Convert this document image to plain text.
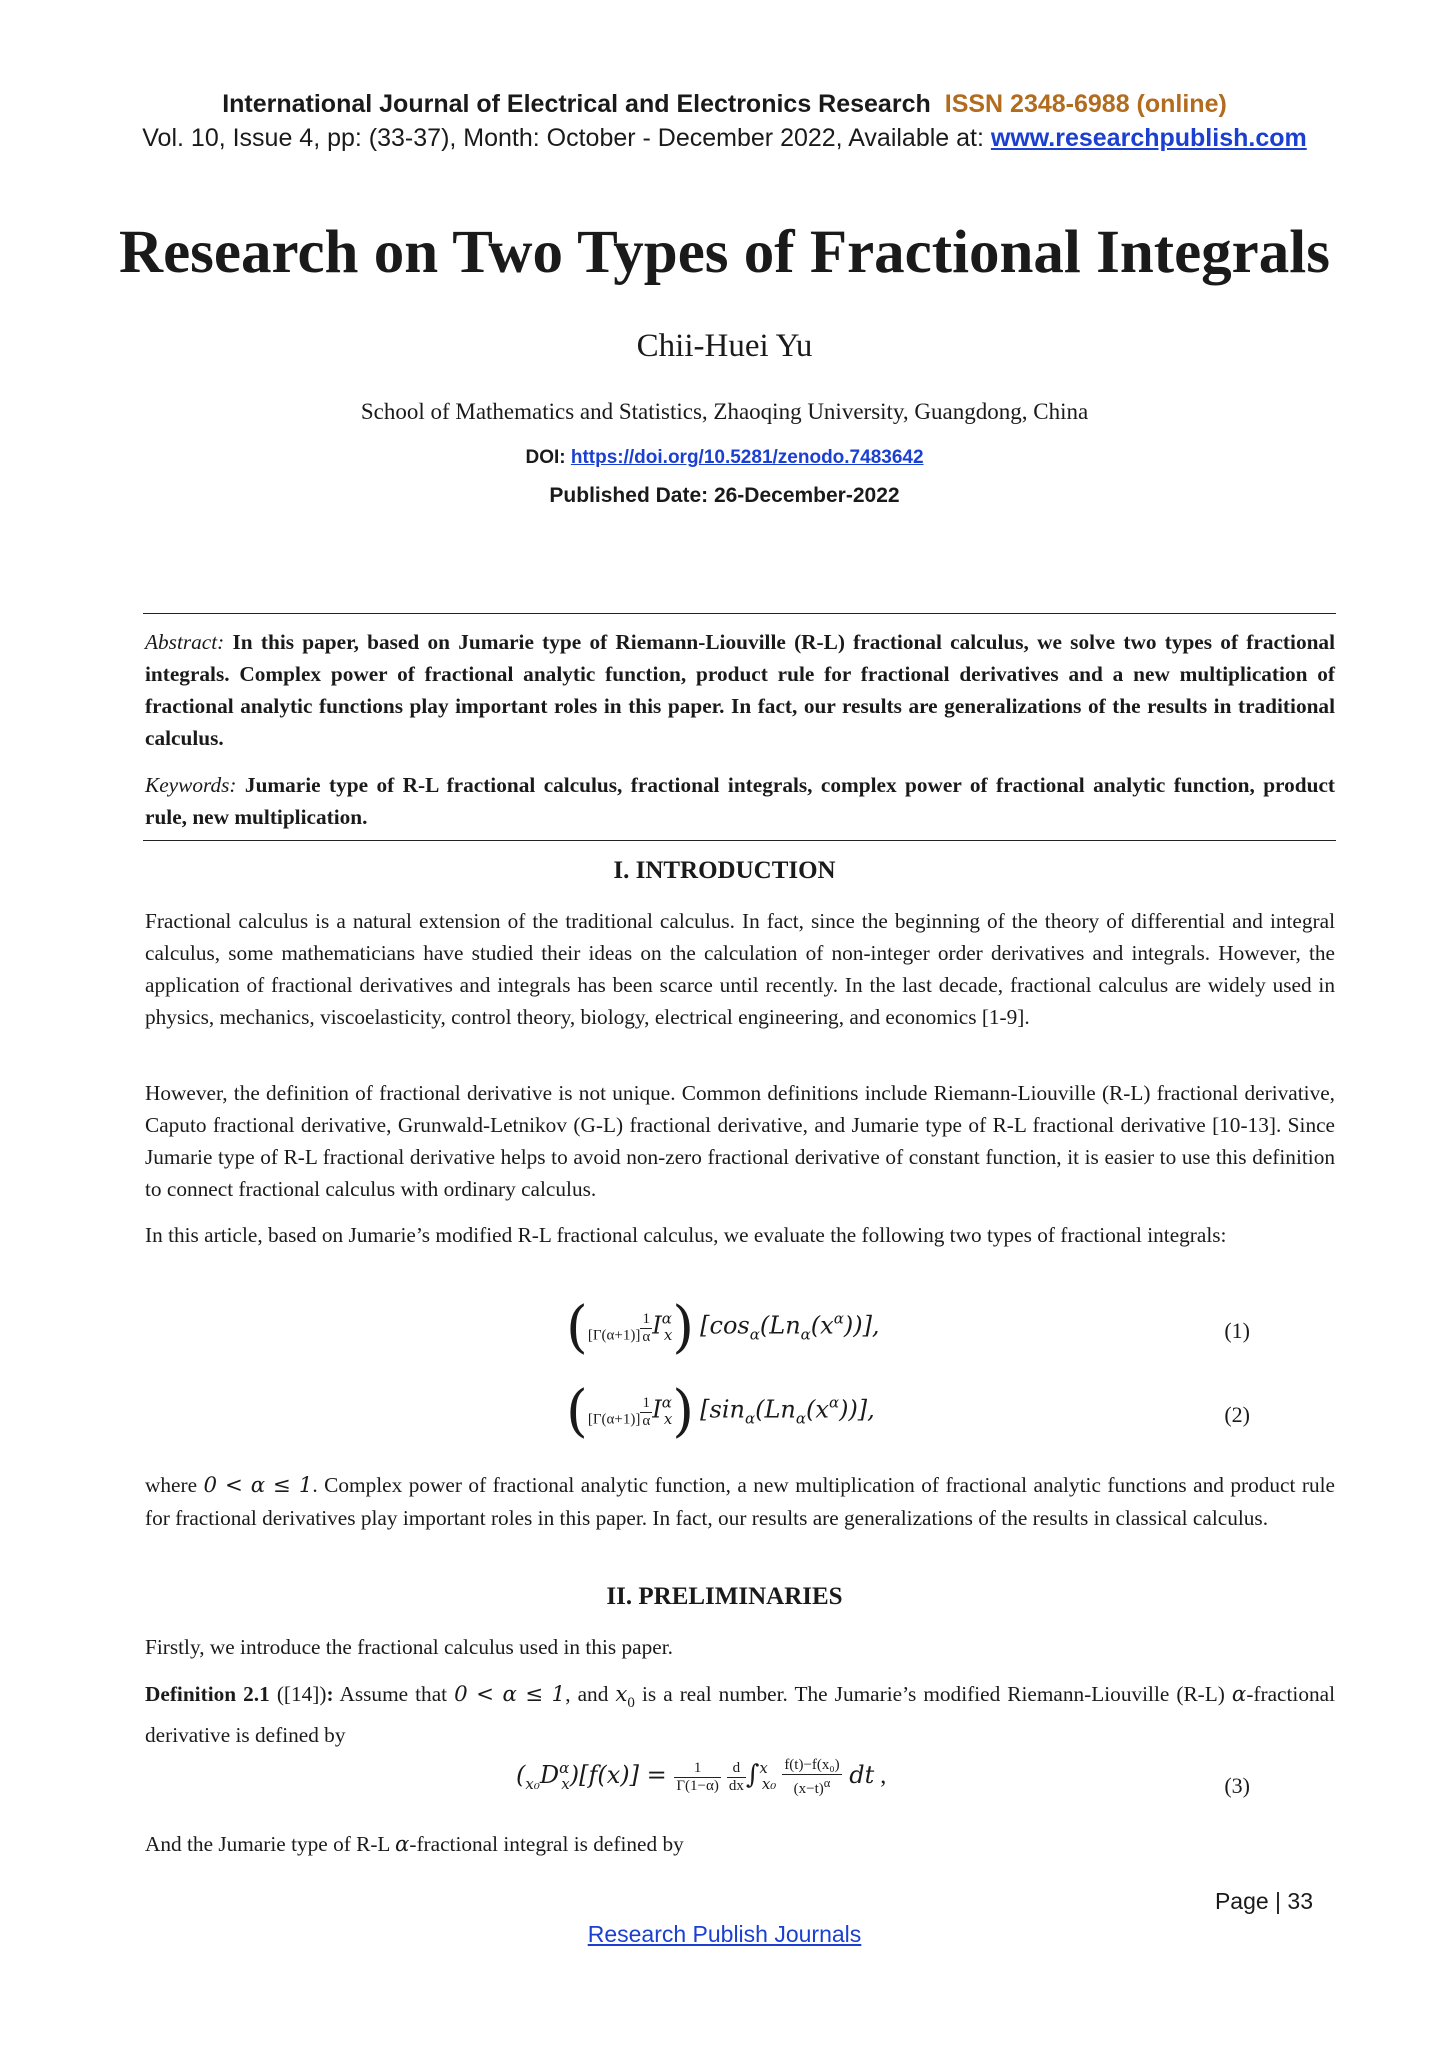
International Journal of Electrical and Electronics Research ISSN 2348-6988 (online)
Vol. 10, Issue 4, pp: (33-37), Month: October - December 2022, Available at: www.researchpublish.com
Research on Two Types of Fractional Integrals
Chii-Huei Yu
School of Mathematics and Statistics, Zhaoqing University, Guangdong, China
DOI: https://doi.org/10.5281/zenodo.7483642
Published Date: 26-December-2022
Abstract: In this paper, based on Jumarie type of Riemann-Liouville (R-L) fractional calculus, we solve two types of fractional integrals. Complex power of fractional analytic function, product rule for fractional derivatives and a new multiplication of fractional analytic functions play important roles in this paper. In fact, our results are generalizations of the results in traditional calculus.
Keywords: Jumarie type of R-L fractional calculus, fractional integrals, complex power of fractional analytic function, product rule, new multiplication.
I. INTRODUCTION
Fractional calculus is a natural extension of the traditional calculus. In fact, since the beginning of the theory of differential and integral calculus, some mathematicians have studied their ideas on the calculation of non-integer order derivatives and integrals. However, the application of fractional derivatives and integrals has been scarce until recently. In the last decade, fractional calculus are widely used in physics, mechanics, viscoelasticity, control theory, biology, electrical engineering, and economics [1-9].
However, the definition of fractional derivative is not unique. Common definitions include Riemann-Liouville (R-L) fractional derivative, Caputo fractional derivative, Grunwald-Letnikov (G-L) fractional derivative, and Jumarie type of R-L fractional derivative [10-13]. Since Jumarie type of R-L fractional derivative helps to avoid non-zero fractional derivative of constant function, it is easier to use this definition to connect fractional calculus with ordinary calculus.
In this article, based on Jumarie’s modified R-L fractional calculus, we evaluate the following two types of fractional integrals:
$(_{[\Gamma(\alpha+1)]} \frac{1}{\alpha} I^\alpha_x)$ $[\cos_\alpha(Ln_\alpha(x^\alpha))]$,	(1)
$(_{[\Gamma(\alpha+1)]} \frac{1}{\alpha} I^\alpha_x)$ $[\sin_\alpha(Ln_\alpha(x^\alpha))]$,	(2)
where 0 < α ≤ 1. Complex power of fractional analytic function, a new multiplication of fractional analytic functions and product rule for fractional derivatives play important roles in this paper. In fact, our results are generalizations of the results in classical calculus.
II. PRELIMINARIES
Firstly, we introduce the fractional calculus used in this paper.
Definition 2.1 ([14]): Assume that 0 < α ≤ 1, and $x_0$ is a real number. The Jumarie’s modified Riemann-Liouville (R-L) α-fractional derivative is defined by
$(_{x_0}D^\alpha_x)[f(x)] = \frac{1}{\Gamma(1-\alpha)}$
$\frac{d}{dx} \int^x_{x_0} \frac{\text{f(t)−f(x₀)}}{(x-t)^\alpha}$ dt ,	(3)
And the Jumarie type of R-L α-fractional integral is defined by
Page | 33
Research Publish Journals
